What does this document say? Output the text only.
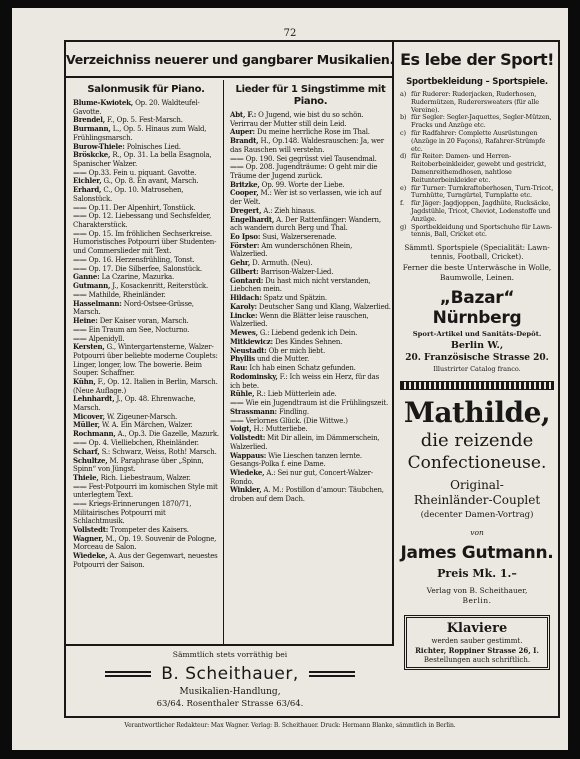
72
Verzeichniss neuerer und gangbarer Musikalien.
Salonmusik für Piano.
Blume-Kwiotek, Op. 20. Waldteufel-Gavotte.
Brendel, F., Op. 5. Fest-Marsch.
Burmann, L., Op. 5. Hinaus zum Wald, Frühlingsmarsch.
Burow-Thiele: Polnisches Lied.
Bröskcke, R., Op. 31. La bella Esagnola, Spanischer Walzer.
—— Op.33. Fein u. piquant. Gavotte.
Eichler, G., Op. 8. En avant, Marsch.
Erhard, C., Op. 10. Matrosehen, Salonstück.
—— Op.11. Der Alpenhirt, Tonstück.
—— Op. 12. Liebessang und Sechsfelder, Charakterstück.
—— Op. 15. Im fröhlichen Sechserkreise. Humoristisches Potpourri über Studenten- und Commerslieder mit Text.
—— Op. 16. Herzensfrühling, Tonst.
—— Op. 17. Die Silberfee, Salonstück.
Ganne: La Czarine, Mazurka.
Gutmann, J., Kosackenritt, Reiterstück.
—— Mathilde, Rheinländer.
Hasselmann: Nord-Ostsee-Grüsse, Marsch.
Heine: Der Kaiser voran, Marsch.
—— Ein Traum am See, Nocturno.
—— Alpenidyll.
Kersten, G., Wintergartensterne, Walzer-Potpourri über beliebte moderne Couplets: Linger, longer, low. The bowerie. Beim Souper. Schaffner.
Kühn, F., Op. 12. Italien in Berlin, Marsch. (Neue Auflage.)
Lehnhardt, J., Op. 48. Ehrenwache, Marsch.
Micover, W. Zigeuner-Marsch.
Müller, W. A. Ein Märchen, Walzer.
Rochmann, A., Op.3. Die Gazelle, Mazurk.
—— Op. 4. Vielliebchen, Rheinländer.
Scharf, S.: Schwarz, Weiss, Roth! Marsch.
Schultze, M. Paraphrase über „Spinn, Spinn“ von Jüngst.
Thiele, Rich. Liebestraum, Walzer.
—— Fest-Potpourri im komischen Style mit unterlegtem Text.
—— Kriegs-Erinnerungen 1870/71, Militairisches Potpourri mit Schlachtmusik.
Vollstedt: Trompeter des Kaisers.
Wagner, M., Op. 19. Souvenir de Pologne, Morceau de Salon.
Wiedeke, A. Aus der Gegenwart, neuestes Potpourri der Saison.
Lieder für 1 Singstimme mit Piano.
Abt, F.: O Jugend, wie bist du so schön. Verirrau der Mutter still dein Leid.
Auper: Du meine herrliche Rose im Thal.
Brandt, H., Op.148. Waldesrauschen: Ja, wer das Rauschen will verstehn.
—— Op. 190. Sei gegrüsst viel Tausendmal.
—— Op. 208. Jugendträume: O geht mir die Träume der Jugend zurück.
Britzke, Op. 99. Worte der Liebe.
Cooper, M.: Wer ist so verlassen, wie ich auf der Welt.
Dregert, A.: Zieh hinaus.
Engelhardt, A. Der Rattenfänger: Wandern, ach wandern durch Berg und Thal.
Eo Ipso: Susi, Walzerserenade.
Förster: Am wunderschönen Rhein, Walzerlied.
Gehr, D. Armuth. (Neu).
Gilbert: Barrison-Walzer-Lied.
Gontard: Du hast mich nicht verstanden, Liebchen mein.
Hildach: Spatz und Spätzin.
Karoly: Deutscher Sang und Klang, Walzerlied.
Lincke: Wenn die Blätter leise rauschen, Walzerlied.
Mewes, G.: Liebend gedenk ich Dein.
Mitkiewicz: Des Kindes Sehnen.
Neustadt: Ob er mich liebt.
Phyllis und die Mutter.
Rau: Ich hab einen Schatz gefunden.
Rodominsky, F.: Ich weiss ein Herz, für das ich bete.
Rühle, R.: Lieb Mütterlein ade.
—— Wie ein Jugendtraum ist die Frühlingszeit.
Strassmann: Findling.
—— Verlornes Glück. (Die Wittwe.)
Voigt, H.: Mutterliebe.
Vollstedt: Mit Dir allein, im Dämmerschein, Walzerlied.
Wappaus: Wie Lieschen tanzen lernte. Gesangs-Polka f. eine Dame.
Wiedeke, A.: Sei nur gut, Concert-Walzer-Rondo.
Winkler, A. M.: Postillon d’amour: Täubchen, droben auf dem Dach.
Sämmtlich stets vorräthig bei
B. Scheithauer,
Musikalien-Handlung,
63/64. Rosenthaler Strasse 63/64.
Es lebe der Sport!
Sportbekleidung – Sportspiele.
a) für Ruderer: Ruderjacken, Ruderhosen, Rudermützen, Ruderersweaters (für alle Vereine).
b) für Segler: Segler-Jaquettes, Segler-Mützen, Fracks und Anzüge etc.
c) für Radfahrer: Complette Ausrüstungen (Anzüge in 20 Façons), Rafahrer-Strümpfe etc.
d) für Reiter: Damen- und Herren-Reitoberbeinkleider, gewebt und gestrickt, Damenreithemdhosen, nahtlose Reitunterbeinkleider etc.
e) für Turner: Turnkraftoberhosen, Turn-Tricot, Turnhütte, Turngürtel, Turnplatte etc.
f.	für Jäger: Jagdjoppen, Jagdhüte, Rucksäcke, Jagdstühle, Tricot, Cheviot, Lodenstoffe und Anzüge.
g) Sportbekleidung und Sportschuhe für Lawn-tennis, Ball, Cricket etc.
Sämmtl. Sportspiele (Specialität: Lawn-tennis, Football, Cricket).
Ferner die beste Unterwäsche in Wolle, Baumwolle, Leinen.
„Bazar“ Nürnberg
Sport-Artikel und Sanitäts-Depôt.
Berlin W.,
20. Französische Strasse 20.
Illustrirter Catalog franco.
Mathilde,
die reizende
Confectioneuse.
Original-
Rheinländer-Couplet
(decenter Damen-Vortrag)
von
James Gutmann.
Preis Mk. 1.–
Verlag von B. Scheithauer,
Berlin.
Klaviere
werden sauber gestimmt.
Richter, Roppiner Strasse 26, I.
Bestellungen auch schriftlich.
Verantwortlicher Redakteur: Max Wagner. Verlag: B. Scheithauer. Druck: Hermann Blanke, sämmtlich in Berlin.
